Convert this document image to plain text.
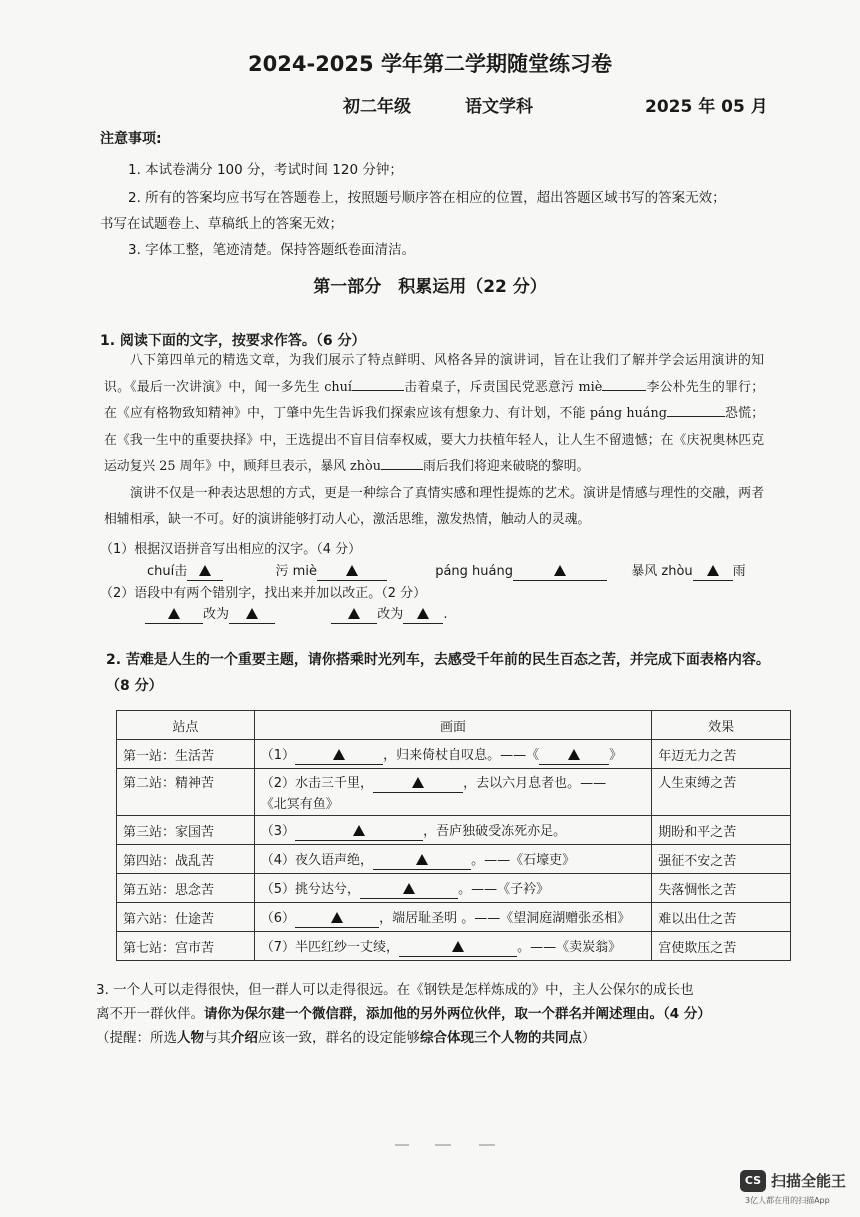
2024-2025 学年第二学期随堂练习卷
初二年级	语文学科	2025 年 05 月
注意事项:
1. 本试卷满分 100 分，考试时间 120 分钟；
2. 所有的答案均应书写在答题卷上，按照题号顺序答在相应的位置，超出答题区域书写的答案无效；
书写在试题卷上、草稿纸上的答案无效；
3. 字体工整，笔迹清楚。保持答题纸卷面清洁。
第一部分　积累运用（22 分）
1. 阅读下面的文字，按要求作答。（6 分）

八下第四单元的精选文章，为我们展示了特点鲜明、风格各异的演讲词，旨在让我们了解并学会运用演讲的知识。《最后一次讲演》中，闻一多先生 chuí	击着桌子，斥责国民党恶意污 miè	李公朴先生的罪行；在《应有格物致知精神》中，丁肇中先生告诉我们探索应该有想象力、有计划，不能 páng huáng	恐慌；在《我一生中的重要抉择》中，王选提出不盲目信奉权威，要大力扶植年轻人，让人生不留遗憾；在《庆祝奥林匹克运动复兴 25 周年》中，顾拜旦表示，暴风 zhòu	雨后我们将迎来破晓的黎明。

演讲不仅是一种表达思想的方式，更是一种综合了真情实感和理性提炼的艺术。演讲是情感与理性的交融，两者相辅相承，缺一不可。好的演讲能够打动人心，激活思维，激发热情，触动人的灵魂。

（1）根据汉语拼音写出相应的汉字。（4 分）
chuí击	污 miè	páng huáng	暴风 zhòu	雨
（2）语段中有两个错别字，找出来并加以改正。（2 分）
改为	改为	.
2. 苦难是人生的一个重要主题，请你搭乘时光列车，去感受千年前的民生百态之苦，并完成下面表格内容。（8 分）
站点	画面	效果
第一站：生活苦	（1） ，归来倚杖自叹息。——《 》	年迈无力之苦
第二站：精神苦	（2）水击三千里， ，去以六月息者也。——
《北冥有鱼》	人生束缚之苦
第三站：家国苦	（3） ，吾庐独破受冻死亦足。	期盼和平之苦
第四站：战乱苦	（4）夜久语声绝， 。——《石壕吏》	强征不安之苦
第五站：思念苦	（5）挑兮达兮， 。——《子衿》	失落惆怅之苦
第六站：仕途苦	（6） ，端居耻圣明 。——《望洞庭湖赠张丞相》	难以出仕之苦
第七站：宫市苦	（7）半匹红纱一丈绫， 。——《卖炭翁》	宫使欺压之苦
3. 一个人可以走得很快，但一群人可以走得很远。在《钢铁是怎样炼成的》中，主人公保尔的成长也
离不开一群伙伴。请你为保尔建一个微信群，添加他的另外两位伙伴，取一个群名并阐述理由。（4 分）
（提醒：所选人物与其介绍应该一致，群名的设定能够综合体现三个人物的共同点）
CS 扫描全能王
3亿人都在用的扫描App
